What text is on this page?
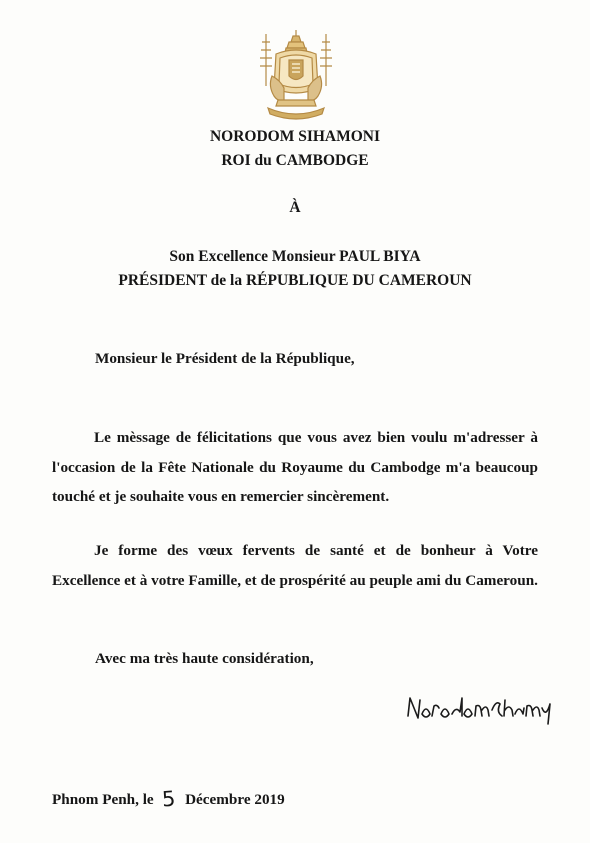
NORODOM SIHAMONI
ROI du CAMBODGE
À
Son Excellence Monsieur PAUL BIYA
PRÉSIDENT de la RÉPUBLIQUE DU CAMEROUN
Monsieur le Président de la République,
Le mèssage de félicitations que vous avez bien voulu m'adresser à l'occasion de la Fête Nationale du Royaume du Cambodge m'a beaucoup touché et je souhaite vous en remercier sincèrement.
Je forme des vœux fervents de santé et de bonheur à Votre Excellence et à votre Famille, et de prospérité au peuple ami du Cameroun.
Avec ma très haute considération,
Phnom Penh, le 5 Décembre 2019
